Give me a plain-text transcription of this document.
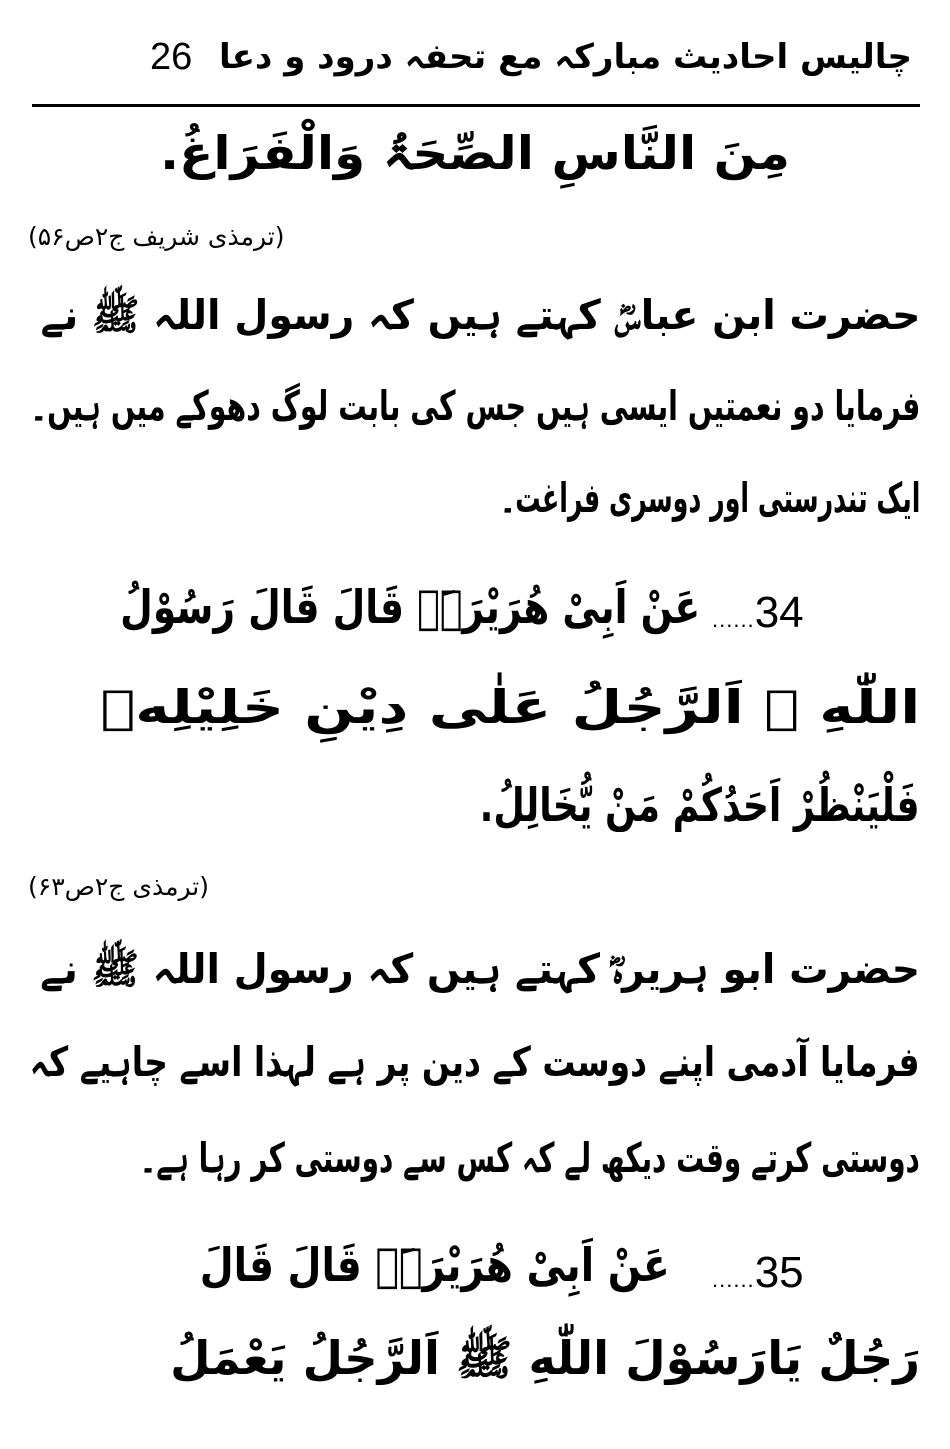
26 چالیس احادیث مبارکہ مع تحفہ درود و دعا
مِنَ النَّاسِ الصِّحَۃُ وَالْفَرَاغُ.
(ترمذی شریف ج۲ص۵۶)
حضرت ابن عباسؓ کہتے ہیں کہ رسول اللہ ﷺ نے
فرمایا دو نعمتیں ایسی ہیں جس کی بابت لوگ دھوکے میں ہیں۔
ایک تندرستی اور دوسری فراغت۔
......34
عَنْ اَبِیْ هُرَیْرَۃَؓ قَالَ قَالَ رَسُوْلُ
اللّٰهِ ﷺ اَلرَّجُلُ عَلٰی دِیْنِ خَلِیْلِهٖ
فَلْیَنْظُرْ اَحَدُکُمْ مَنْ یُّخَالِلُ.
(ترمذی ج۲ص۶۳)
حضرت ابو ہریرہؓ کہتے ہیں کہ رسول اللہ ﷺ نے
فرمایا آدمی اپنے دوست کے دین پر ہے لہذا اسے چاہیے کہ
دوستی کرتے وقت دیکھ لے کہ کس سے دوستی کر رہا ہے۔
......35
عَنْ اَبِیْ هُرَیْرَۃَؓ قَالَ قَالَ
رَجُلٌ یَارَسُوْلَ اللّٰهِ ﷺ اَلرَّجُلُ یَعْمَلُ
